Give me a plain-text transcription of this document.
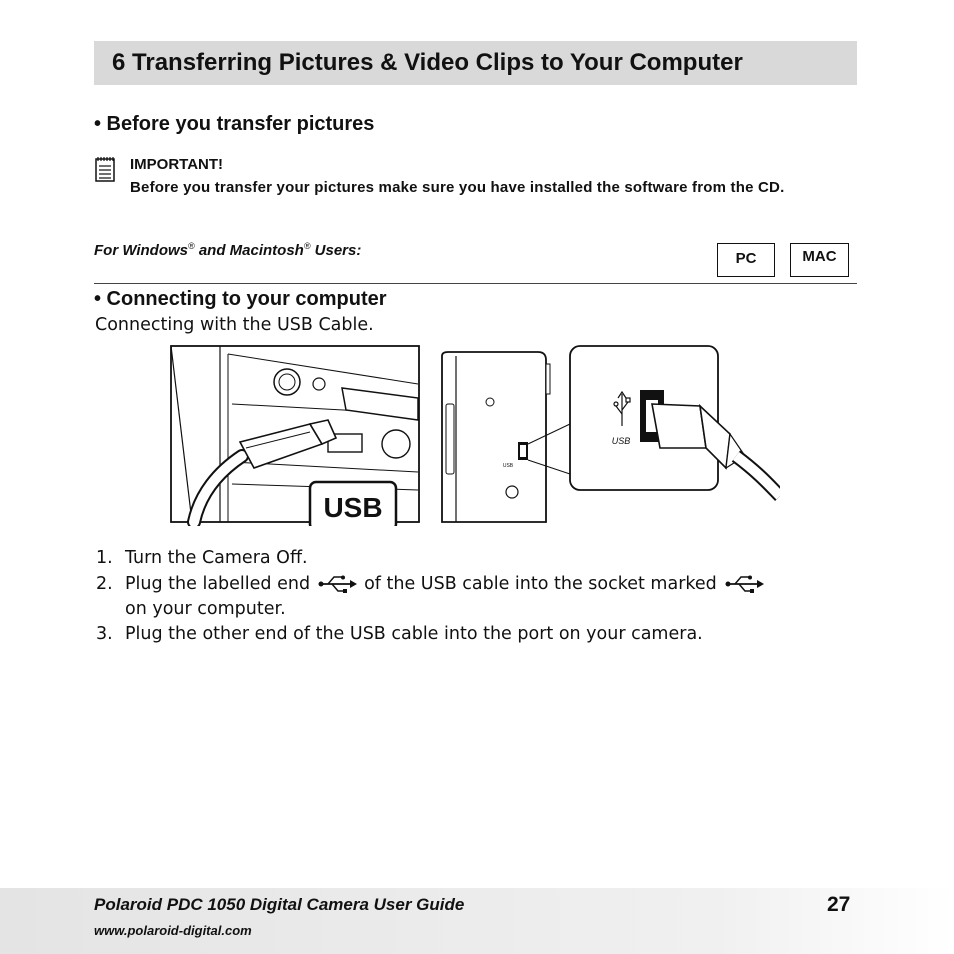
6 Transferring Pictures & Video Clips to Your Computer
• Before you transfer pictures
IMPORTANT!
Before you transfer your pictures make sure you have installed the software from the CD.
For Windows® and Macintosh® Users:	PC	MAC
• Connecting to your computer
Connecting with the USB Cable.
USB
USB
USB
1. Turn the Camera Off.
2. Plug the labelled end	of the USB cable into the socket marked
on your computer.
3. Plug the other end of the USB cable into the port on your camera.
Polaroid PDC 1050 Digital Camera User Guide	27
www.polaroid-digital.com
